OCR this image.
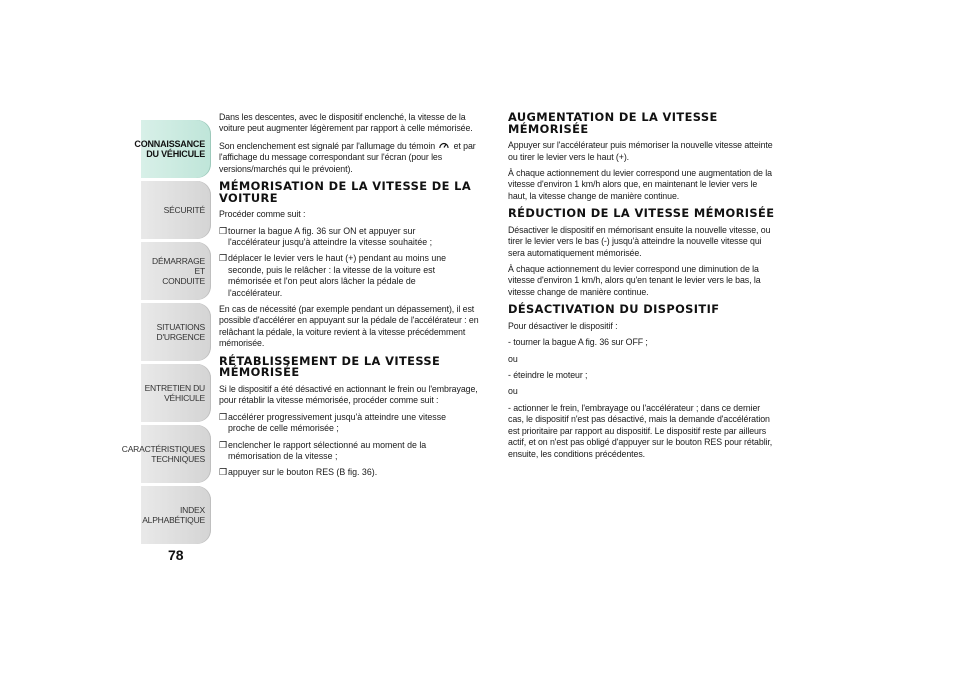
CONNAISSANCE
DU VÉHICULE
SÉCURITÉ
DÉMARRAGE ET
CONDUITE
SITUATIONS
D'URGENCE
ENTRETIEN DU
VÉHICULE
CARACTÉRISTIQUES
TECHNIQUES
INDEX
ALPHABÉTIQUE
78

Dans les descentes, avec le dispositif enclenché, la vitesse de la voiture peut augmenter légèrement par rapport à celle mémorisée.

Son enclenchement est signalé par l'allumage du témoin et par l'affichage du message correspondant sur l'écran (pour les versions/marchés qui le prévoient).

MÉMORISATION DE LA VITESSE DE LA VOITURE

Procéder comme suit :

❒ tourner la bague A fig. 36 sur ON et appuyer sur l'accélérateur jusqu'à atteindre la vitesse souhaitée ;
❒ déplacer le levier vers le haut (+) pendant au moins une seconde, puis le relâcher : la vitesse de la voiture est mémorisée et l'on peut alors lâcher la pédale de l'accélérateur.

En cas de nécessité (par exemple pendant un dépassement), il est possible d'accélérer en appuyant sur la pédale de l'accélérateur : en relâchant la pédale, la voiture revient à la vitesse précédemment mémorisée.

RÉTABLISSEMENT DE LA VITESSE MÉMORISÉE

Si le dispositif a été désactivé en actionnant le frein ou l'embrayage, pour rétablir la vitesse mémorisée, procéder comme suit :

❒ accélérer progressivement jusqu'à atteindre une vitesse proche de celle mémorisée ;
❒ enclencher le rapport sélectionné au moment de la mémorisation de la vitesse ;
❒ appuyer sur le bouton RES (B fig. 36).
AUGMENTATION DE LA VITESSE MÉMORISÉE

Appuyer sur l'accélérateur puis mémoriser la nouvelle vitesse atteinte ou tirer le levier vers le haut (+).

À chaque actionnement du levier correspond une augmentation de la vitesse d'environ 1 km/h alors que, en maintenant le levier vers le haut, la vitesse change de manière continue.

RÉDUCTION DE LA VITESSE MÉMORISÉE

Désactiver le dispositif en mémorisant ensuite la nouvelle vitesse, ou tirer le levier vers le bas (-) jusqu'à atteindre la nouvelle vitesse qui sera automatiquement mémorisée.

À chaque actionnement du levier correspond une diminution de la vitesse d'environ 1 km/h, alors qu'en tenant le levier vers le bas, la vitesse change de manière continue.

DÉSACTIVATION DU DISPOSITIF

Pour désactiver le dispositif :

- tourner la bague A fig. 36 sur OFF ;

ou

- éteindre le moteur ;

ou

- actionner le frein, l'embrayage ou l'accélérateur ; dans ce dernier cas, le dispositif n'est pas désactivé, mais la demande d'accélération est prioritaire par rapport au dispositif. Le dispositif reste par ailleurs actif, et on n'est pas obligé d'appuyer sur le bouton RES pour rétablir, ensuite, les conditions précédentes.
